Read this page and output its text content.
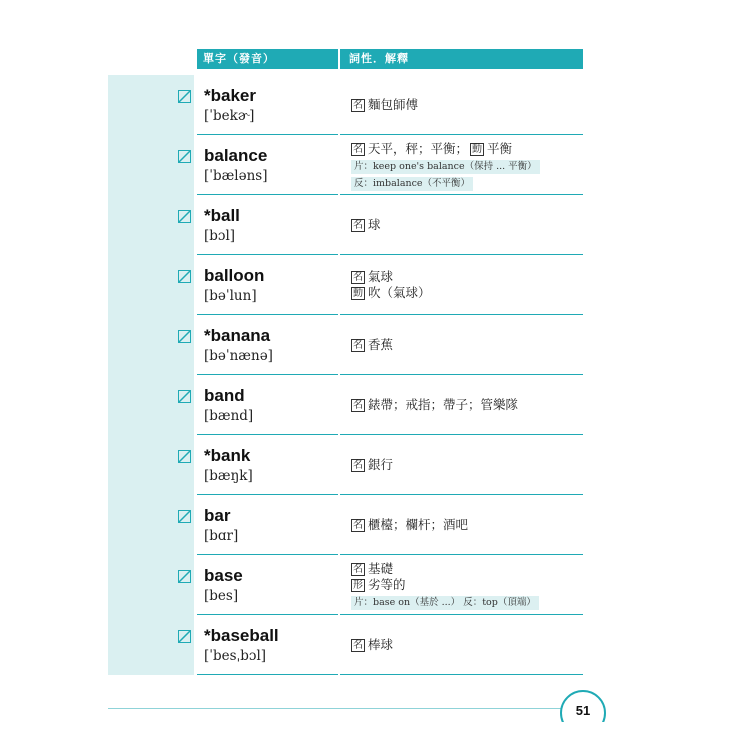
單字（發音）	詞性．解釋
*baker
[ˈbekɚ]
名 麵包師傅
balance
[ˈbæləns]
名 天平，秤；平衡； 動 平衡
片：keep one's balance（保持 ... 平衡）
反：imbalance（不平衡）
*ball
[bɔl]
名 球
balloon
[bəˈlun]
名 氣球
動 吹（氣球）
*banana
[bəˈnænə]
名 香蕉
band
[bænd]
名 錶帶；戒指；帶子；管樂隊
*bank
[bæŋk]
名 銀行
bar
[bɑr]
名 櫃檯；欄杆；酒吧
base
[bes]
名 基礎
形 劣等的
片：base on（基於 ...） 反：top（頂端）
*baseball
[ˈbesˌbɔl]
名 棒球
51
